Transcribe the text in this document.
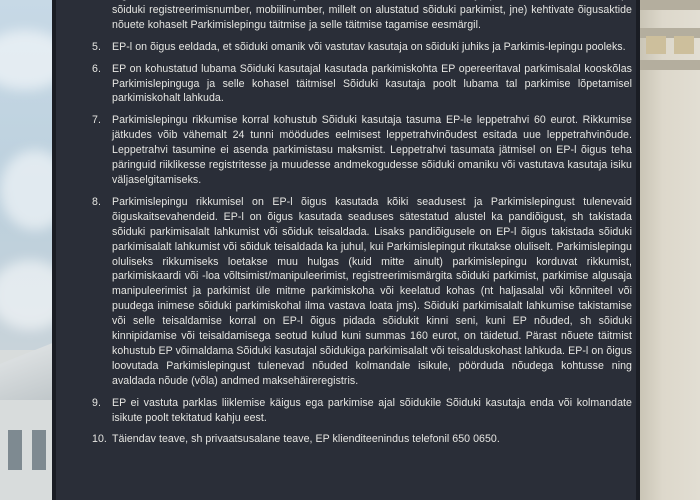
sõiduki registreerimisnumber, mobiilinumber, millelt on alustatud sõiduki parkimist, jne) kehtivate õigusaktide nõuete kohaselt Parkimislepingu täitmise ja selle täitmise tagamise eesmärgil.
5. EP-l on õigus eeldada, et sõiduki omanik või vastutav kasutaja on sõiduki juhiks ja Parkimis-lepingu pooleks.
6. EP on kohustatud lubama Sõiduki kasutajal kasutada parkimiskohta EP opereeritaval parkimisalal kooskõlas Parkimislepinguga ja selle kohasel täitmisel Sõiduki kasutaja poolt lubama tal parkimise lõpetamisel parkimiskohalt lahkuda.
7. Parkimislepingu rikkumise korral kohustub Sõiduki kasutaja tasuma EP-le leppetrahvi 60 eurot. Rikkumise jätkudes võib vähemalt 24 tunni möödudes eelmisest leppetrahvinõudest esitada uue leppetrahvinõude. Leppetrahvi tasumine ei asenda parkimistasu maksmist. Leppetrahvi tasumata jätmisel on EP-l õigus teha päringuid riiklikesse registritesse ja muudesse andmekogudesse sõiduki omaniku või vastutava kasutaja isiku väljaselgitamiseks.
8. Parkimislepingu rikkumisel on EP-l õigus kasutada kõiki seadusest ja Parkimislepingust tulenevaid õiguskaitsevahendeid. EP-l on õigus kasutada seaduses sätestatud alustel ka pandiõigust, sh takistada sõiduki parkimisalalt lahkumist või sõiduk teisaldada. Lisaks pandiõigusele on EP-l õigus takistada sõiduki parkimisalalt lahkumist või sõiduk teisaldada ka juhul, kui Parkimislepingut rikutakse oluliselt. Parkimislepingu oluliseks rikkumiseks loetakse muu hulgas (kuid mitte ainult) parkimislepingu korduvat rikkumist, parkimiskaardi või -loa võltsimist/manipuleerimist, registreerimismärgita sõiduki parkimist, parkimise algusaja manipuleerimist ja parkimist üle mitme parkimiskoha või keelatud kohas (nt haljasalal või kõnniteel või puudega inimese sõiduki parkimiskohal ilma vastava loata jms). Sõiduki parkimisalalt lahkumise takistamise või selle teisaldamise korral on EP-l õigus pidada sõidukit kinni seni, kuni EP nõuded, sh sõiduki kinnipidamise või teisaldamisega seotud kulud kuni summas 160 eurot, on täidetud. Pärast nõuete täitmist kohustub EP võimaldama Sõiduki kasutajal sõidukiga parkimisalalt või teisalduskohast lahkuda. EP-l on õigus loovutada Parkimislepingust tulenevad nõuded kolmandale isikule, pöörduda nõudega kohtusse ning avaldada nõude (võla) andmed maksehäireregistris.
9. EP ei vastuta parklas liiklemise käigus ega parkimise ajal sõidukile Sõiduki kasutaja enda või kolmandate isikute poolt tekitatud kahju eest.
10. Täiendav teave, sh privaatsusalane teave, EP klienditeenindus telefonil 650 0650.
